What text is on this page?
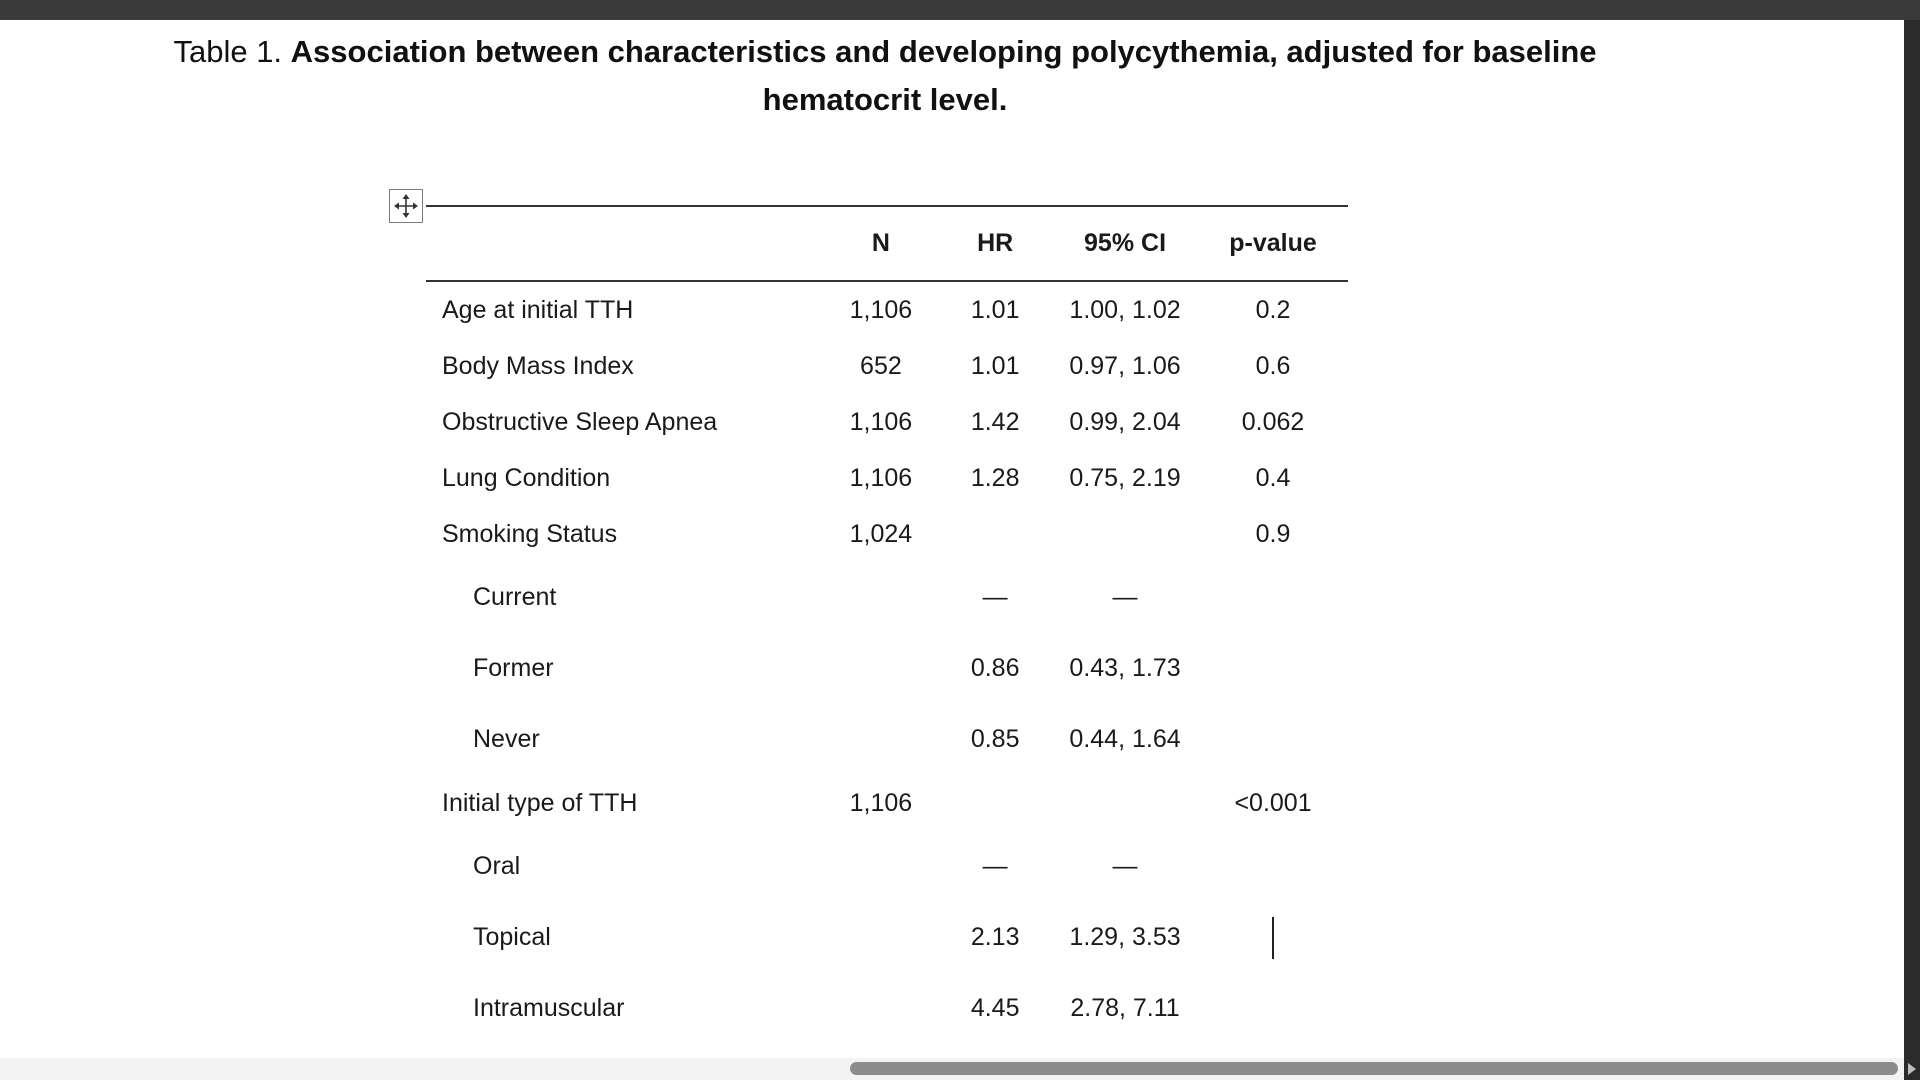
Table 1. Association between characteristics and developing polycythemia, adjusted for baseline hematocrit level.
	N	HR	95% CI	p-value
Age at initial TTH	1,106	1.01	1.00, 1.02	0.2
Body Mass Index	652	1.01	0.97, 1.06	0.6
Obstructive Sleep Apnea	1,106	1.42	0.99, 2.04	0.062
Lung Condition	1,106	1.28	0.75, 2.19	0.4
Smoking Status	1,024			0.9
Current		—	—	
Former		0.86	0.43, 1.73	
Never		0.85	0.44, 1.64	
Initial type of TTH	1,106			<0.001
Oral		—	—	
Topical		2.13	1.29, 3.53	
Intramuscular		4.45	2.78, 7.11	
